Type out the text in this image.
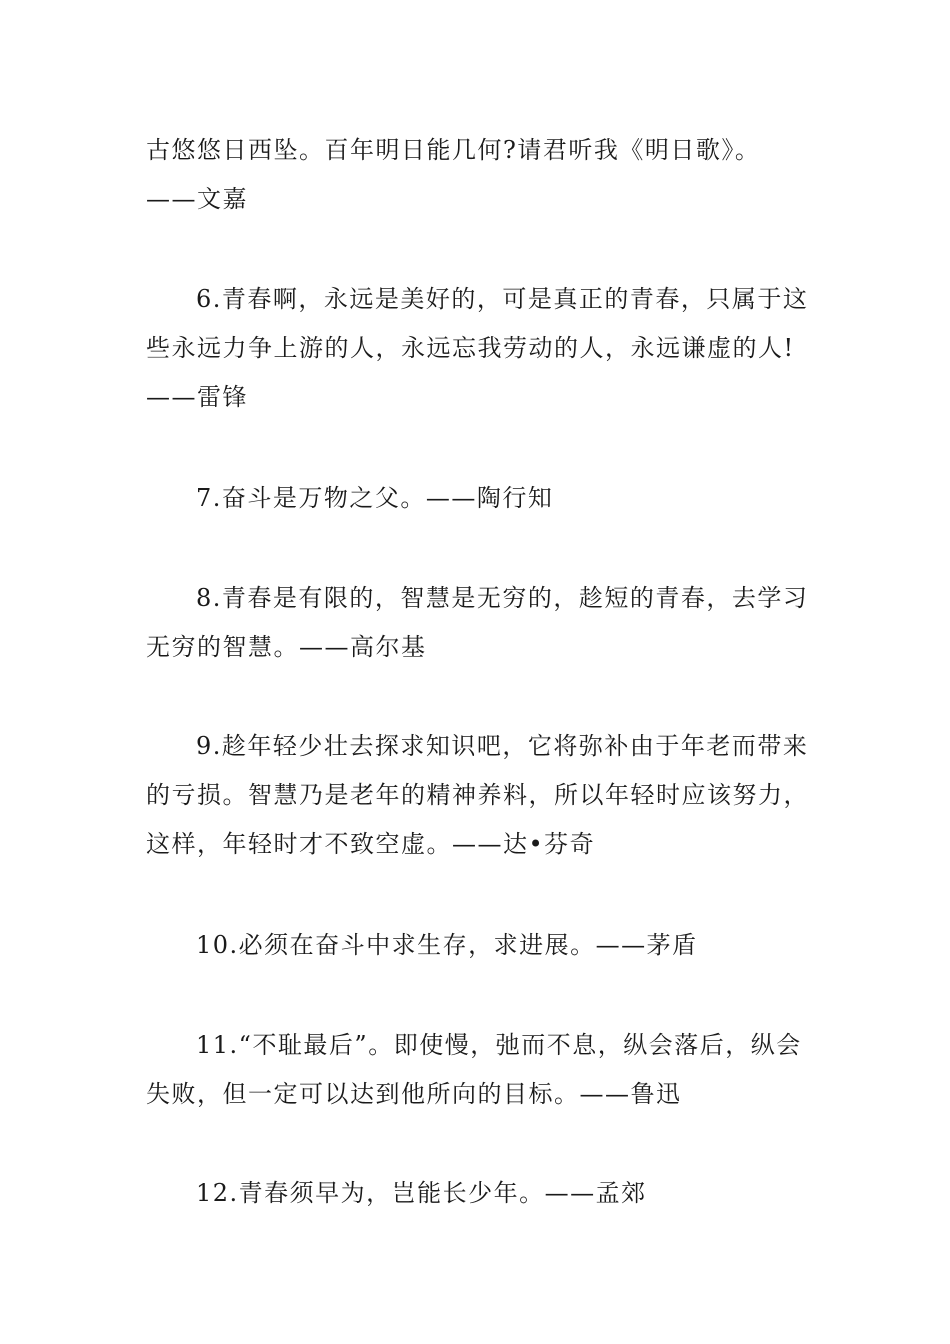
古悠悠日西坠。百年明日能几何?请君听我《明日歌》。——文嘉

6.青春啊，永远是美好的，可是真正的青春，只属于这些永远力争上游的人，永远忘我劳动的人，永远谦虚的人!——雷锋

7.奋斗是万物之父。——陶行知

8.青春是有限的，智慧是无穷的，趁短的青春，去学习无穷的智慧。——高尔基

9.趁年轻少壮去探求知识吧，它将弥补由于年老而带来的亏损。智慧乃是老年的精神养料，所以年轻时应该努力，这样，年轻时才不致空虚。——达•芬奇

10.必须在奋斗中求生存，求进展。——茅盾

11.“不耻最后”。即使慢，弛而不息，纵会落后，纵会失败，但一定可以达到他所向的目标。——鲁迅

12.青春须早为，岂能长少年。——孟郊
